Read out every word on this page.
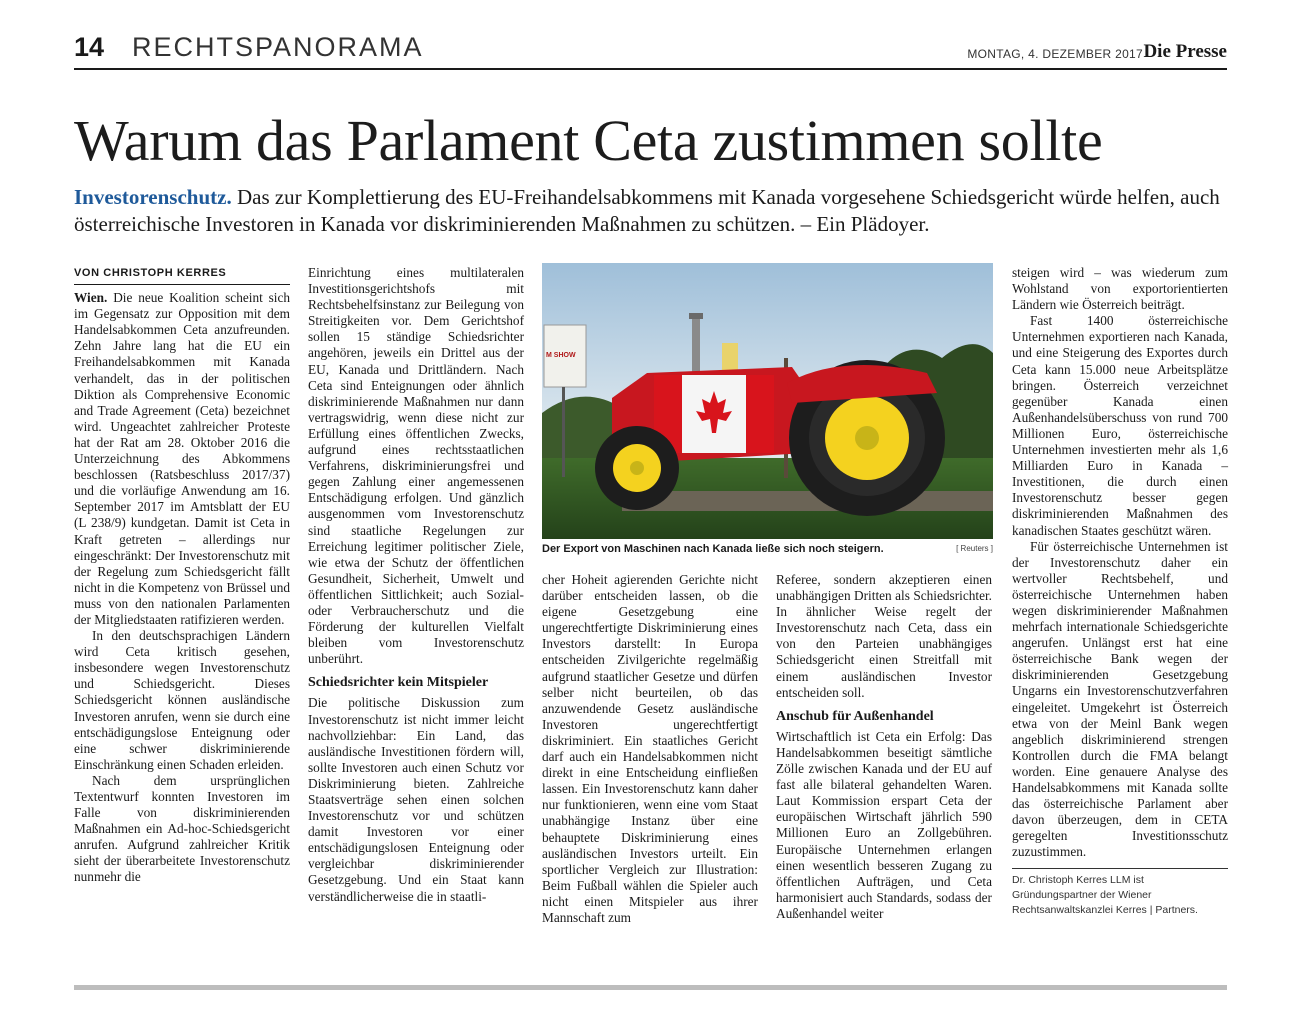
14 RECHTSPANORAMA	MONTAG, 4. DEZEMBER 2017 Die Presse
Warum das Parlament Ceta zustimmen sollte

Investorenschutz. Das zur Komplettierung des EU-Freihandelsabkommens mit Kanada vorgesehene Schiedsgericht würde helfen, auch österreichische Investoren in Kanada vor diskriminierenden Maßnahmen zu schützen. – Ein Plädoyer.

VON CHRISTOPH KERRES

Wien. Die neue Koalition scheint sich im Gegensatz zur Opposition mit dem Handelsabkommen Ceta anzufreunden. Zehn Jahre lang hat die EU ein Freihandelsabkommen mit Kanada verhandelt, das in der politischen Diktion als Comprehensive Economic and Trade Agreement (Ceta) bezeichnet wird. Ungeachtet zahlreicher Proteste hat der Rat am 28. Oktober 2016 die Unterzeichnung des Abkommens beschlossen (Ratsbeschluss 2017/37) und die vorläufige Anwendung am 16. September 2017 im Amtsblatt der EU (L 238/9) kundgetan. Damit ist Ceta in Kraft getreten – allerdings nur eingeschränkt: Der Investorenschutz mit der Regelung zum Schiedsgericht fällt nicht in die Kompetenz von Brüssel und muss von den nationalen Parlamenten der Mitgliedstaaten ratifizieren werden.

In den deutschsprachigen Ländern wird Ceta kritisch gesehen, insbesondere wegen Investorenschutz und Schiedsgericht. Dieses Schiedsgericht können ausländische Investoren anrufen, wenn sie durch eine entschädigungslose Enteignung oder eine schwer diskriminierende Einschränkung einen Schaden erleiden.

Nach dem ursprünglichen Textentwurf konnten Investoren im Falle von diskriminierenden Maßnahmen ein Ad-hoc-Schiedsgericht anrufen. Aufgrund zahlreicher Kritik sieht der überarbeitete Investorenschutz nunmehr die

Einrichtung eines multilateralen Investitionsgerichtshofs mit Rechtsbehelfsinstanz zur Beilegung von Streitigkeiten vor. Dem Gerichtshof sollen 15 ständige Schiedsrichter angehören, jeweils ein Drittel aus der EU, Kanada und Drittländern. Nach Ceta sind Enteignungen oder ähnlich diskriminierende Maßnahmen nur dann vertragswidrig, wenn diese nicht zur Erfüllung eines öffentlichen Zwecks, aufgrund eines rechtsstaatlichen Verfahrens, diskriminierungsfrei und gegen Zahlung einer angemessenen Entschädigung erfolgen. Und gänzlich ausgenommen vom Investorenschutz sind staatliche Regelungen zur Erreichung legitimer politischer Ziele, wie etwa der Schutz der öffentlichen Gesundheit, Sicherheit, Umwelt und öffentlichen Sittlichkeit; auch Sozial- oder Verbraucherschutz und die Förderung der kulturellen Vielfalt bleiben vom Investorenschutz unberührt.

Schiedsrichter kein Mitspieler

Die politische Diskussion zum Investorenschutz ist nicht immer leicht nachvollziehbar: Ein Land, das ausländische Investitionen fördern will, sollte Investoren auch einen Schutz vor Diskriminierung bieten. Zahlreiche Staatsverträge sehen einen solchen Investorenschutz vor und schützen damit Investoren vor einer entschädigungslosen Enteignung oder vergleichbar diskriminierender Gesetzgebung. Und ein Staat kann verständlicherweise die in staatli-

M SHOW
Der Export von Maschinen nach Kanada ließe sich noch steigern.	[ Reuters ]

cher Hoheit agierenden Gerichte nicht darüber entscheiden lassen, ob die eigene Gesetzgebung eine ungerechtfertigte Diskriminierung eines Investors darstellt: In Europa entscheiden Zivilgerichte regelmäßig aufgrund staatlicher Gesetze und dürfen selber nicht beurteilen, ob das anzuwendende Gesetz ausländische Investoren ungerechtfertigt diskriminiert. Ein staatliches Gericht darf auch ein Handelsabkommen nicht direkt in eine Entscheidung einfließen lassen. Ein Investorenschutz kann daher nur funktionieren, wenn eine vom Staat unabhängige Instanz über eine behauptete Diskriminierung eines ausländischen Investors urteilt. Ein sportlicher Vergleich zur Illustration: Beim Fußball wählen die Spieler auch nicht einen Mitspieler aus ihrer Mannschaft zum

Referee, sondern akzeptieren einen unabhängigen Dritten als Schiedsrichter. In ähnlicher Weise regelt der Investorenschutz nach Ceta, dass ein von den Parteien unabhängiges Schiedsgericht einen Streitfall mit einem ausländischen Investor entscheiden soll.

Anschub für Außenhandel

Wirtschaftlich ist Ceta ein Erfolg: Das Handelsabkommen beseitigt sämtliche Zölle zwischen Kanada und der EU auf fast alle bilateral gehandelten Waren. Laut Kommission erspart Ceta der europäischen Wirtschaft jährlich 590 Millionen Euro an Zollgebühren. Europäische Unternehmen erlangen einen wesentlich besseren Zugang zu öffentlichen Aufträgen, und Ceta harmonisiert auch Standards, sodass der Außenhandel weiter

steigen wird – was wiederum zum Wohlstand von exportorientierten Ländern wie Österreich beiträgt.

Fast 1400 österreichische Unternehmen exportieren nach Kanada, und eine Steigerung des Exportes durch Ceta kann 15.000 neue Arbeitsplätze bringen. Österreich verzeichnet gegenüber Kanada einen Außenhandelsüberschuss von rund 700 Millionen Euro, österreichische Unternehmen investierten mehr als 1,6 Milliarden Euro in Kanada – Investitionen, die durch einen Investorenschutz besser gegen diskriminierenden Maßnahmen des kanadischen Staates geschützt wären.

Für österreichische Unternehmen ist der Investorenschutz daher ein wertvoller Rechtsbehelf, und österreichische Unternehmen haben wegen diskriminierender Maßnahmen mehrfach internationale Schiedsgerichte angerufen. Unlängst erst hat eine österreichische Bank wegen der diskriminierenden Gesetzgebung Ungarns ein Investorenschutzverfahren eingeleitet. Umgekehrt ist Österreich etwa von der Meinl Bank wegen angeblich diskriminierend strengen Kontrollen durch die FMA belangt worden. Eine genauere Analyse des Handelsabkommens mit Kanada sollte das österreichische Parlament aber davon überzeugen, dem in CETA geregelten Investitionsschutz zuzustimmen.

Dr. Christoph Kerres LLM ist Gründungspartner der Wiener Rechtsanwaltskanzlei Kerres | Partners.
